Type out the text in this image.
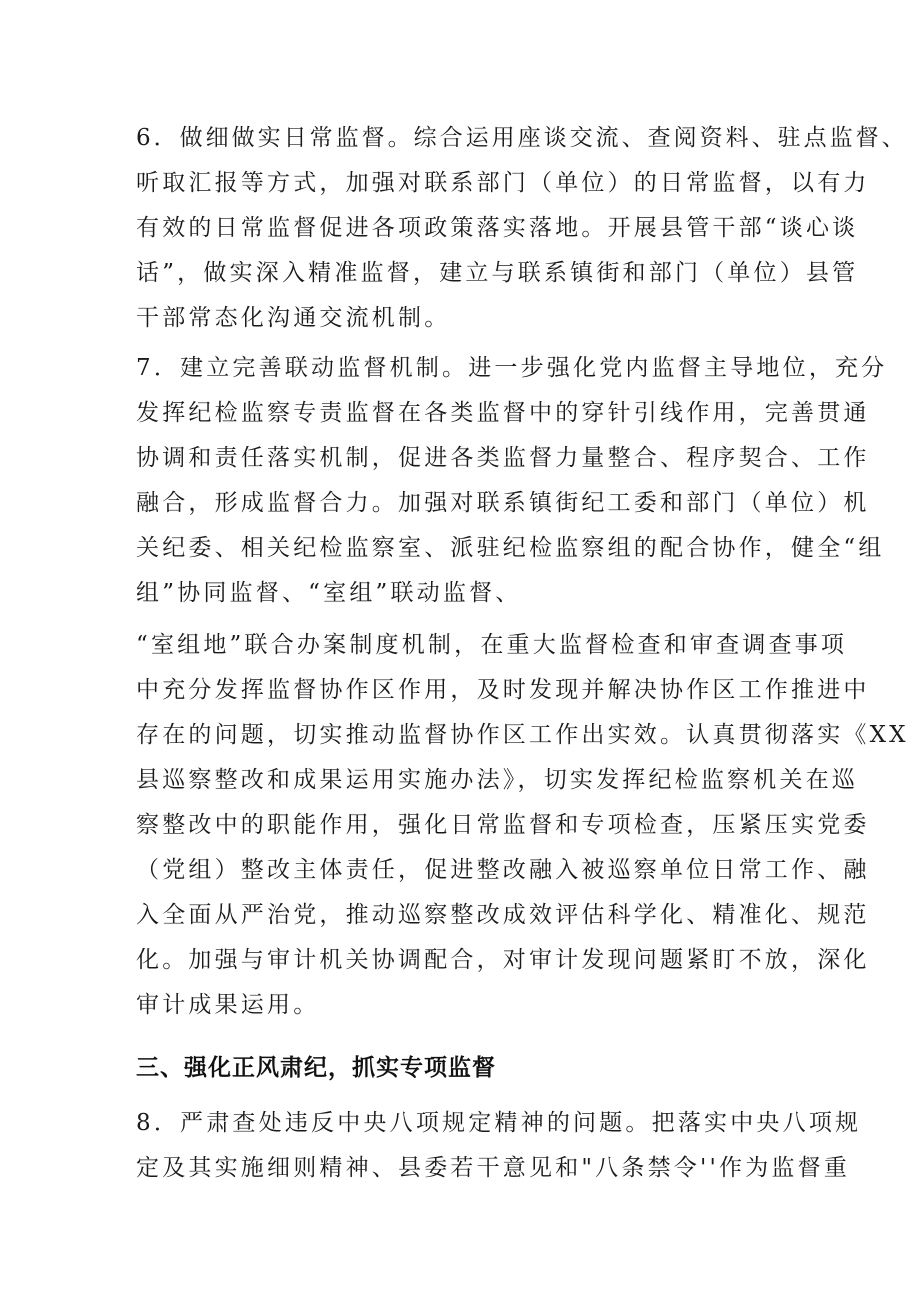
6．做细做实日常监督。综合运用座谈交流、查阅资料、驻点监督、
听取汇报等方式，加强对联系部门（单位）的日常监督，以有力
有效的日常监督促进各项政策落实落地。开展县管干部“谈心谈
话”，做实深入精准监督，建立与联系镇街和部门（单位）县管
干部常态化沟通交流机制。
7．建立完善联动监督机制。进一步强化党内监督主导地位，充分
发挥纪检监察专责监督在各类监督中的穿针引线作用，完善贯通
协调和责任落实机制，促进各类监督力量整合、程序契合、工作
融合，形成监督合力。加强对联系镇街纪工委和部门（单位）机
关纪委、相关纪检监察室、派驻纪检监察组的配合协作，健全“组
组”协同监督、“室组”联动监督、
“室组地”联合办案制度机制，在重大监督检查和审查调查事项
中充分发挥监督协作区作用，及时发现并解决协作区工作推进中
存在的问题，切实推动监督协作区工作出实效。认真贯彻落实《XX
县巡察整改和成果运用实施办法》，切实发挥纪检监察机关在巡
察整改中的职能作用，强化日常监督和专项检查，压紧压实党委
（党组）整改主体责任，促进整改融入被巡察单位日常工作、融
入全面从严治党，推动巡察整改成效评估科学化、精准化、规范
化。加强与审计机关协调配合，对审计发现问题紧盯不放，深化
审计成果运用。
三、强化正风肃纪，抓实专项监督
8．严肃查处违反中央八项规定精神的问题。把落实中央八项规
定及其实施细则精神、县委若干意见和"八条禁令''作为监督重
